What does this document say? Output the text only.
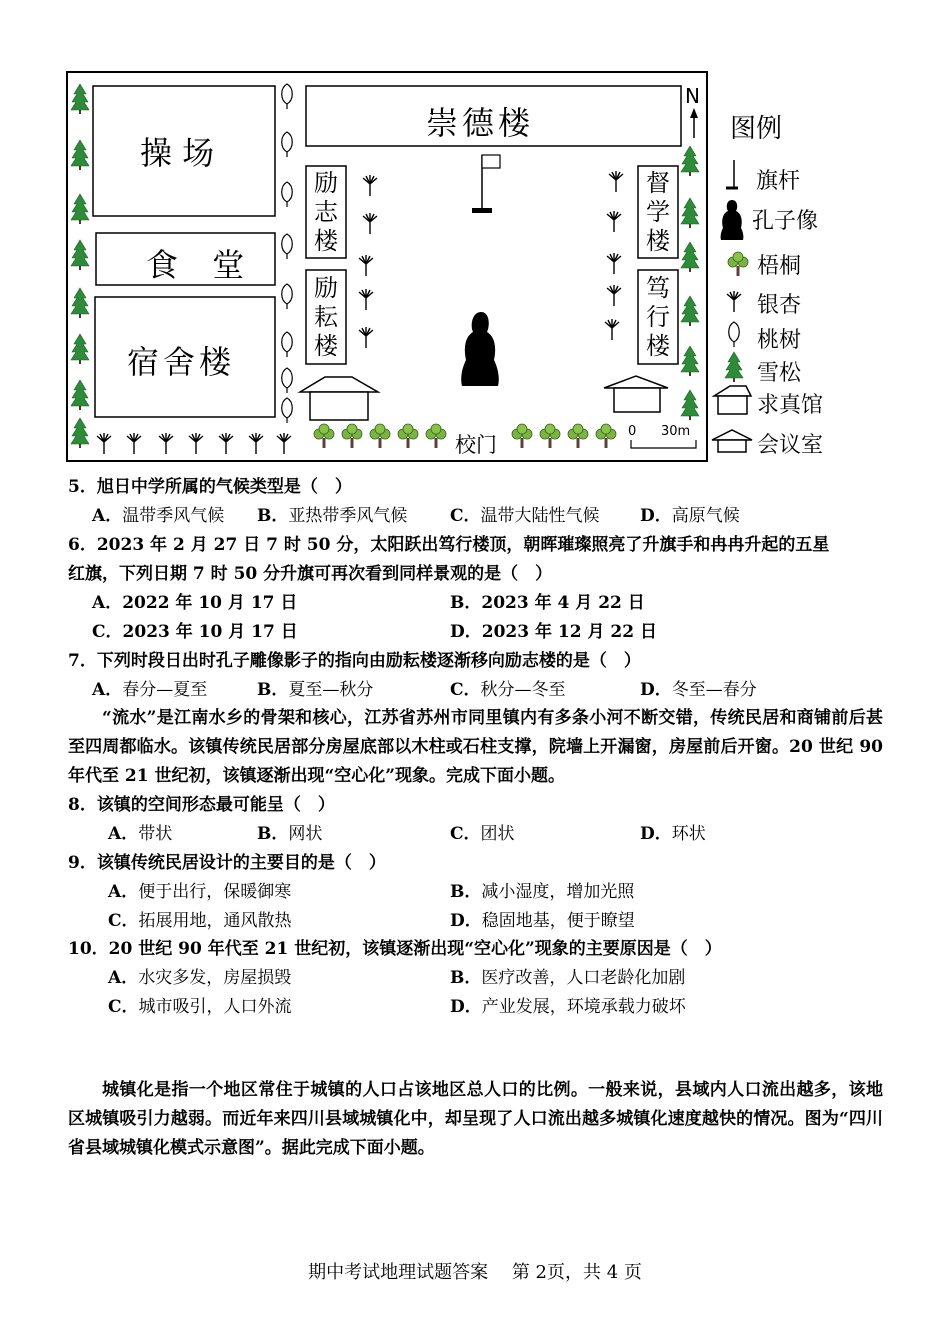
操 场
食 堂
宿舍楼
崇德楼
励志楼
励耘楼
督学楼
笃行楼
校门
N
0 30m
图例
旗杆
孔子像
梧桐
银杏
桃树
雪松
求真馆
会议室
5．旭日中学所属的气候类型是（　）
A．温带季风气候 B．亚热带季风气候	C．温带大陆性气候 D．高原气候
6．2023 年 2 月 27 日 7 时 50 分，太阳跃出笃行楼顶，朝晖璀璨照亮了升旗手和冉冉升起的五星
红旗，下列日期 7 时 50 分升旗可再次看到同样景观的是（　）
A．2022 年 10 月 17 日	B．2023 年 4 月 22 日
C．2023 年 10 月 17 日	D．2023 年 12 月 22 日
7．下列时段日出时孔子雕像影子的指向由励耘楼逐渐移向励志楼的是（　）
A．春分—夏至	B．夏至—秋分	C．秋分—冬至	D．冬至—春分
“流水”是江南水乡的骨架和核心，江苏省苏州市同里镇内有多条小河不断交错，传统民居和商铺前后甚至四周都临水。该镇传统民居部分房屋底部以木柱或石柱支撑，院墙上开漏窗，房屋前后开窗。20 世纪 90 年代至 21 世纪初，该镇逐渐出现“空心化”现象。完成下面小题。
8．该镇的空间形态最可能呈（　）
A．带状	B．网状	C．团状	D．环状
9．该镇传统民居设计的主要目的是（　）
A．便于出行，保暖御寒	B．减小湿度，增加光照
C．拓展用地，通风散热	D．稳固地基，便于瞭望
10．20 世纪 90 年代至 21 世纪初，该镇逐渐出现“空心化”现象的主要原因是（　）
A．水灾多发，房屋损毁	B．医疗改善，人口老龄化加剧
C．城市吸引，人口外流	D．产业发展，环境承载力破坏
城镇化是指一个地区常住于城镇的人口占该地区总人口的比例。一般来说，县域内人口流出越多，该地区城镇吸引力越弱。而近年来四川县域城镇化中，却呈现了人口流出越多城镇化速度越快的情况。图为“四川省县域城镇化模式示意图”。据此完成下面小题。
期中考试地理试题答案　 第 2页，共 4 页
